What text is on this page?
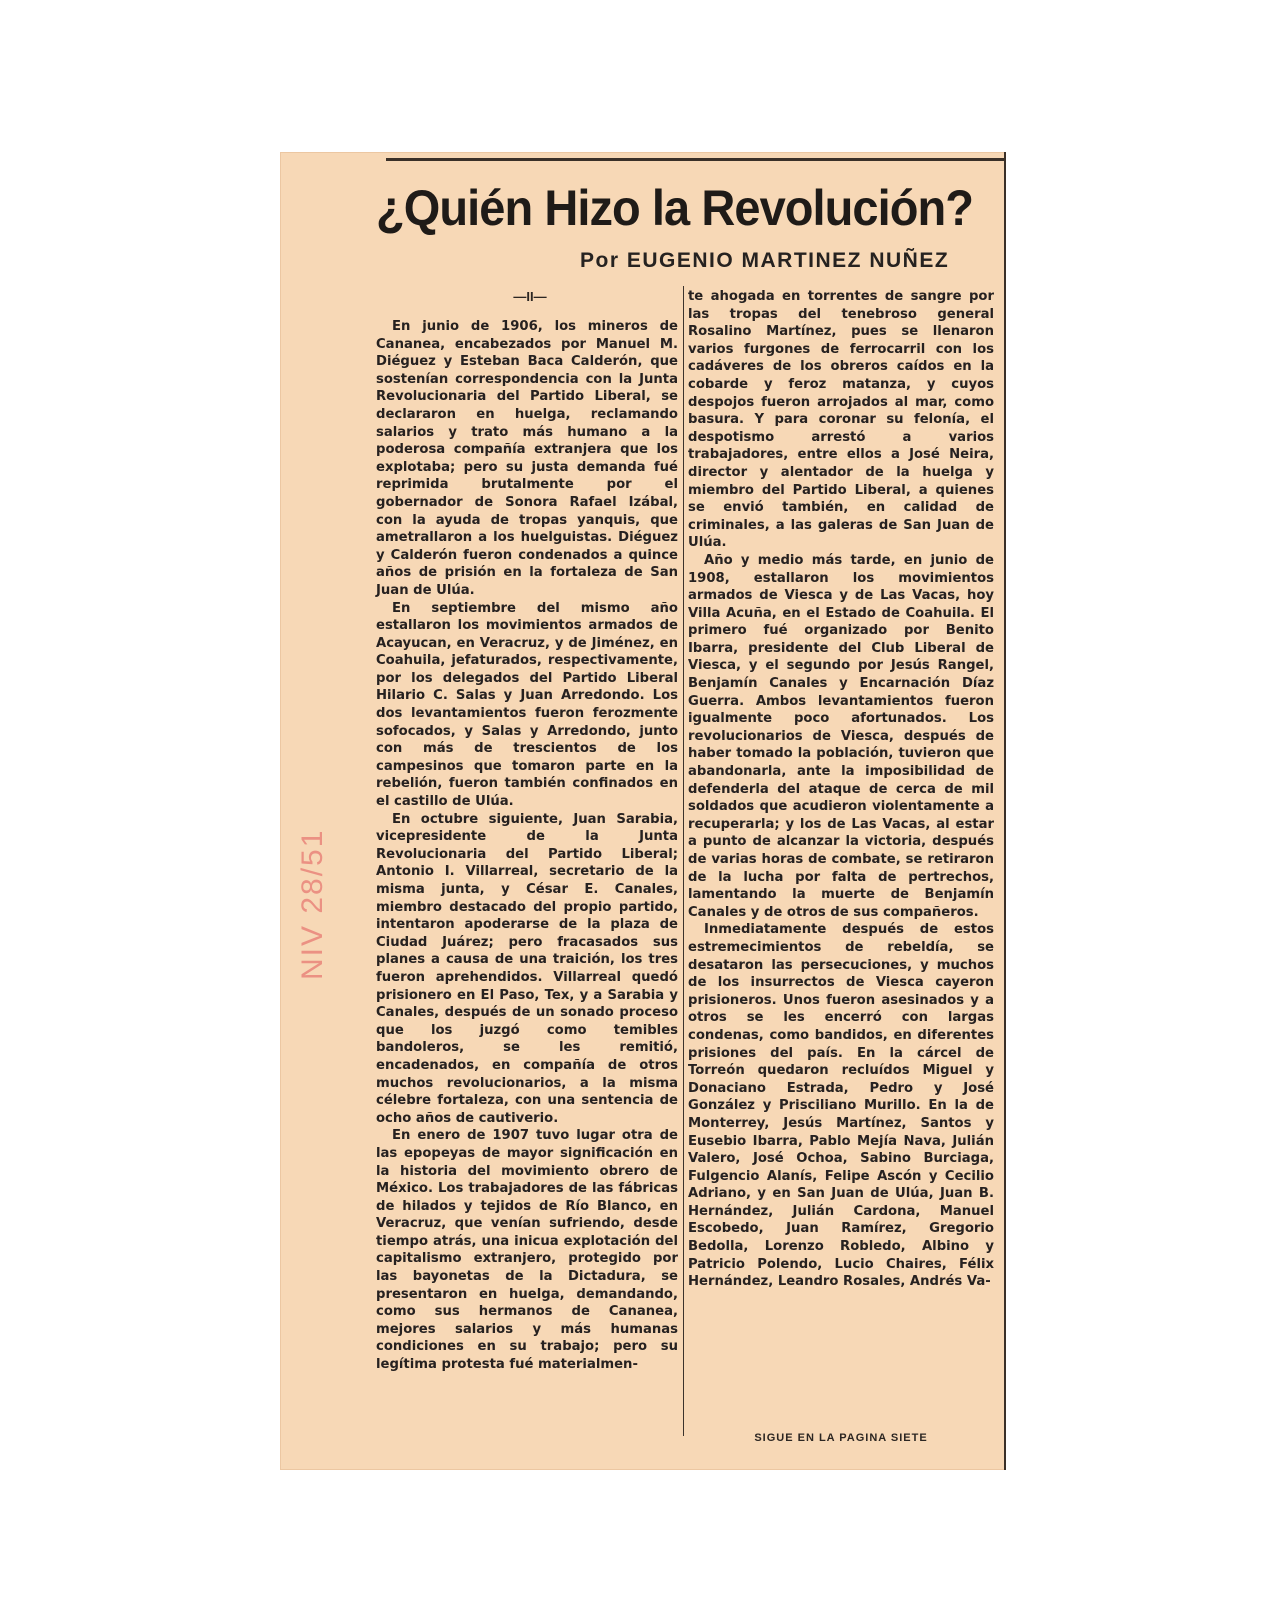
¿Quién Hizo la Revolución?
Por EUGENIO MARTINEZ NUÑEZ
—II—

En junio de 1906, los mineros de Cananea, encabezados por Manuel M. Diéguez y Esteban Baca Calderón, que sostenían correspondencia con la Junta Revolucionaria del Partido Liberal, se declararon en huelga, reclamando salarios y trato más humano a la poderosa compañía extranjera que los explotaba; pero su justa demanda fué reprimida brutalmente por el gobernador de Sonora Rafael Izábal, con la ayuda de tropas yanquis, que ametrallaron a los huelguistas. Diéguez y Calderón fueron condenados a quince años de prisión en la fortaleza de San Juan de Ulúa.

En septiembre del mismo año estallaron los movimientos armados de Acayucan, en Veracruz, y de Jiménez, en Coahuila, jefaturados, respectivamente, por los delegados del Partido Liberal Hilario C. Salas y Juan Arredondo. Los dos levantamientos fueron ferozmente sofocados, y Salas y Arredondo, junto con más de trescientos de los campesinos que tomaron parte en la rebelión, fueron también confinados en el castillo de Ulúa.

En octubre siguiente, Juan Sarabia, vicepresidente de la Junta Revolucionaria del Partido Liberal; Antonio I. Villarreal, secretario de la misma junta, y César E. Canales, miembro destacado del propio partido, intentaron apoderarse de la plaza de Ciudad Juárez; pero fracasados sus planes a causa de una traición, los tres fueron aprehendidos. Villarreal quedó prisionero en El Paso, Tex, y a Sarabia y Canales, después de un sonado proceso que los juzgó como temibles bandoleros, se les remitió, encadenados, en compañía de otros muchos revolucionarios, a la misma célebre fortaleza, con una sentencia de ocho años de cautiverio.

En enero de 1907 tuvo lugar otra de las epopeyas de mayor significación en la historia del movimiento obrero de México. Los trabajadores de las fábricas de hilados y tejidos de Río Blanco, en Veracruz, que venían sufriendo, desde tiempo atrás, una inicua explotación del capitalismo extranjero, protegido por las bayonetas de la Dictadura, se presentaron en huelga, demandando, como sus hermanos de Cananea, mejores salarios y más humanas condiciones en su trabajo; pero su legítima protesta fué materialmen-

te ahogada en torrentes de sangre por las tropas del tenebroso general Rosalino Martínez, pues se llenaron varios furgones de ferrocarril con los cadáveres de los obreros caídos en la cobarde y feroz matanza, y cuyos despojos fueron arrojados al mar, como basura. Y para coronar su felonía, el despotismo arrestó a varios trabajadores, entre ellos a José Neira, director y alentador de la huelga y miembro del Partido Liberal, a quienes se envió también, en calidad de criminales, a las galeras de San Juan de Ulúa.

Año y medio más tarde, en junio de 1908, estallaron los movimientos armados de Viesca y de Las Vacas, hoy Villa Acuña, en el Estado de Coahuila. El primero fué organizado por Benito Ibarra, presidente del Club Liberal de Viesca, y el segundo por Jesús Rangel, Benjamín Canales y Encarnación Díaz Guerra. Ambos levantamientos fueron igualmente poco afortunados. Los revolucionarios de Viesca, después de haber tomado la población, tuvieron que abandonarla, ante la imposibilidad de defenderla del ataque de cerca de mil soldados que acudieron violentamente a recuperarla; y los de Las Vacas, al estar a punto de alcanzar la victoria, después de varias horas de combate, se retiraron de la lucha por falta de pertrechos, lamentando la muerte de Benjamín Canales y de otros de sus compañeros.

Inmediatamente después de estos estremecimientos de rebeldía, se desataron las persecuciones, y muchos de los insurrectos de Viesca cayeron prisioneros. Unos fueron asesinados y a otros se les encerró con largas condenas, como bandidos, en diferentes prisiones del país. En la cárcel de Torreón quedaron recluídos Miguel y Donaciano Estrada, Pedro y José González y Prisciliano Murillo. En la de Monterrey, Jesús Martínez, Santos y Eusebio Ibarra, Pablo Mejía Nava, Julián Valero, José Ochoa, Sabino Burciaga, Fulgencio Alanís, Felipe Ascón y Cecilio Adriano, y en San Juan de Ulúa, Juan B. Hernández, Julián Cardona, Manuel Escobedo, Juan Ramírez, Gregorio Bedolla, Lorenzo Robledo, Albino y Patricio Polendo, Lucio Chaires, Félix Hernández, Leandro Rosales, Andrés Va-

SIGUE EN LA PAGINA SIETE
NIV 28/51
